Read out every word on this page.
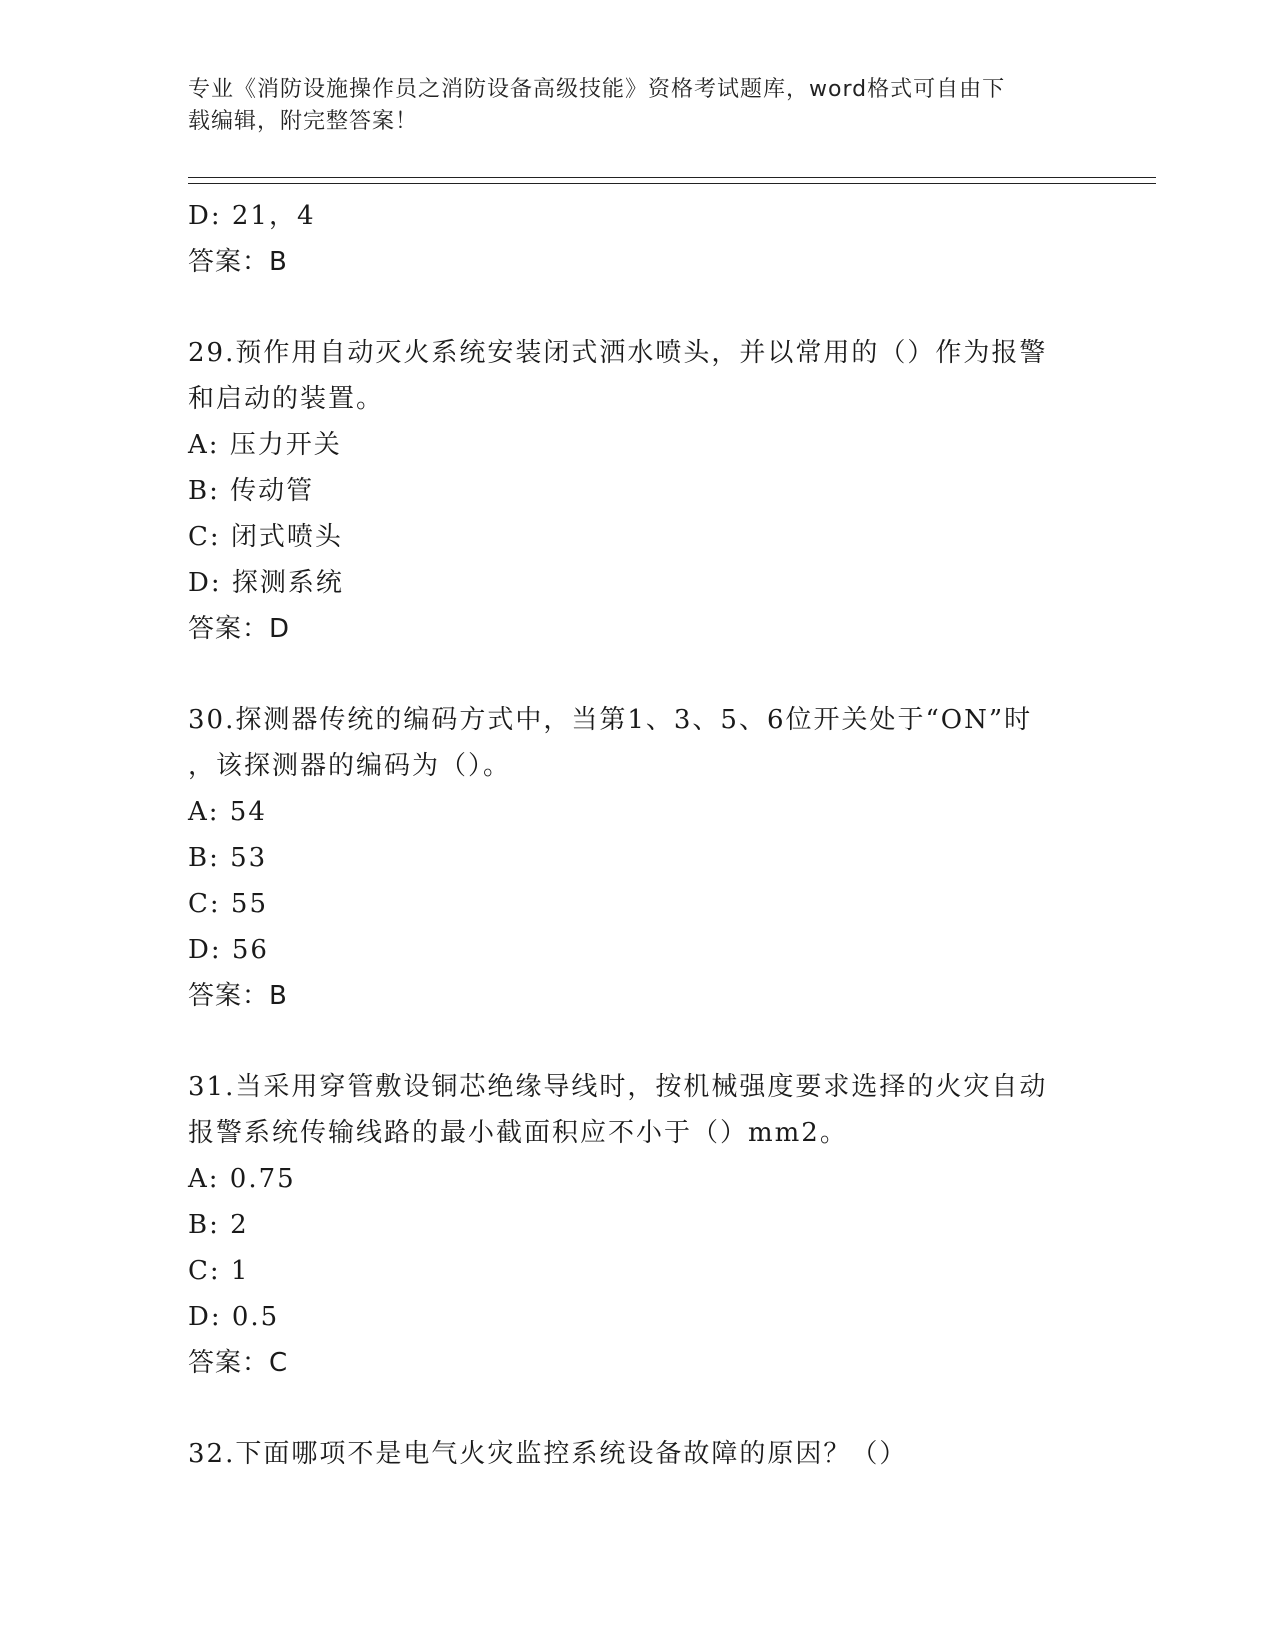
专业《消防设施操作员之消防设备高级技能》资格考试题库，word格式可自由下
载编辑，附完整答案！
D: 21，4
答案：B
29.预作用自动灭火系统安装闭式洒水喷头，并以常用的（）作为报警
和启动的装置。
A: 压力开关
B: 传动管
C: 闭式喷头
D: 探测系统
答案：D
30.探测器传统的编码方式中，当第1、3、5、6位开关处于“ON”时
，该探测器的编码为（）。
A: 54
B: 53
C: 55
D: 56
答案：B
31.当采用穿管敷设铜芯绝缘导线时，按机械强度要求选择的火灾自动
报警系统传输线路的最小截面积应不小于（）mm2。
A: 0.75
B: 2
C: 1
D: 0.5
答案：C
32.下面哪项不是电气火灾监控系统设备故障的原因？（）
